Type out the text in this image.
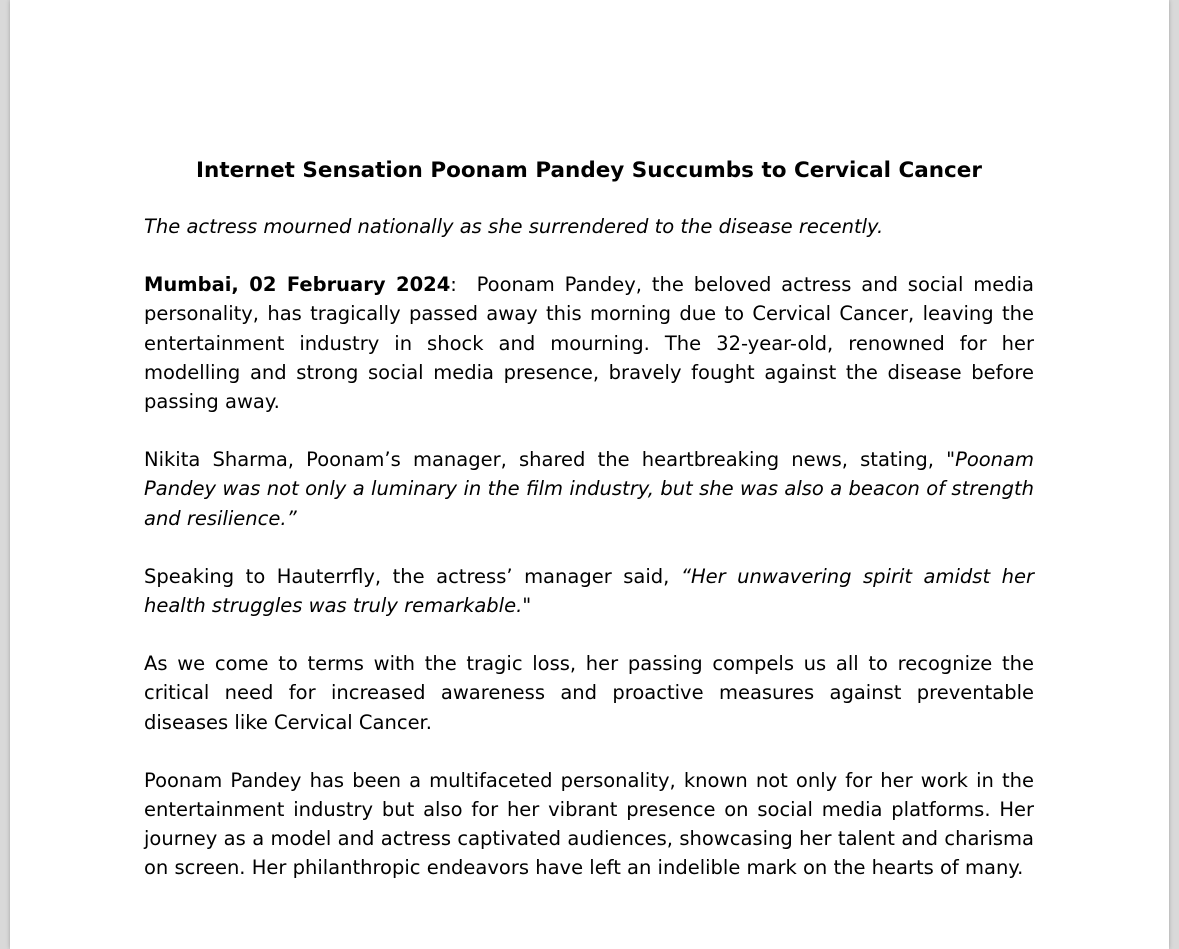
Internet Sensation Poonam Pandey Succumbs to Cervical Cancer
The actress mourned nationally as she surrendered to the disease recently.

Mumbai, 02 February 2024:  Poonam Pandey, the beloved actress and social media personality, has tragically passed away this morning due to Cervical Cancer, leaving the entertainment industry in shock and mourning. The 32-year-old, renowned for her modelling and strong social media presence, bravely fought against the disease before passing away.

Nikita Sharma, Poonam’s manager, shared the heartbreaking news, stating, "Poonam Pandey was not only a luminary in the film industry, but she was also a beacon of strength and resilience.”

Speaking to Hauterrfly, the actress’ manager said, “Her unwavering spirit amidst her health struggles was truly remarkable."

As we come to terms with the tragic loss, her passing compels us all to recognize the critical need for increased awareness and proactive measures against preventable diseases like Cervical Cancer.

Poonam Pandey has been a multifaceted personality, known not only for her work in the entertainment industry but also for her vibrant presence on social media platforms. Her journey as a model and actress captivated audiences, showcasing her talent and charisma on screen. Her philanthropic endeavors have left an indelible mark on the hearts of many.
